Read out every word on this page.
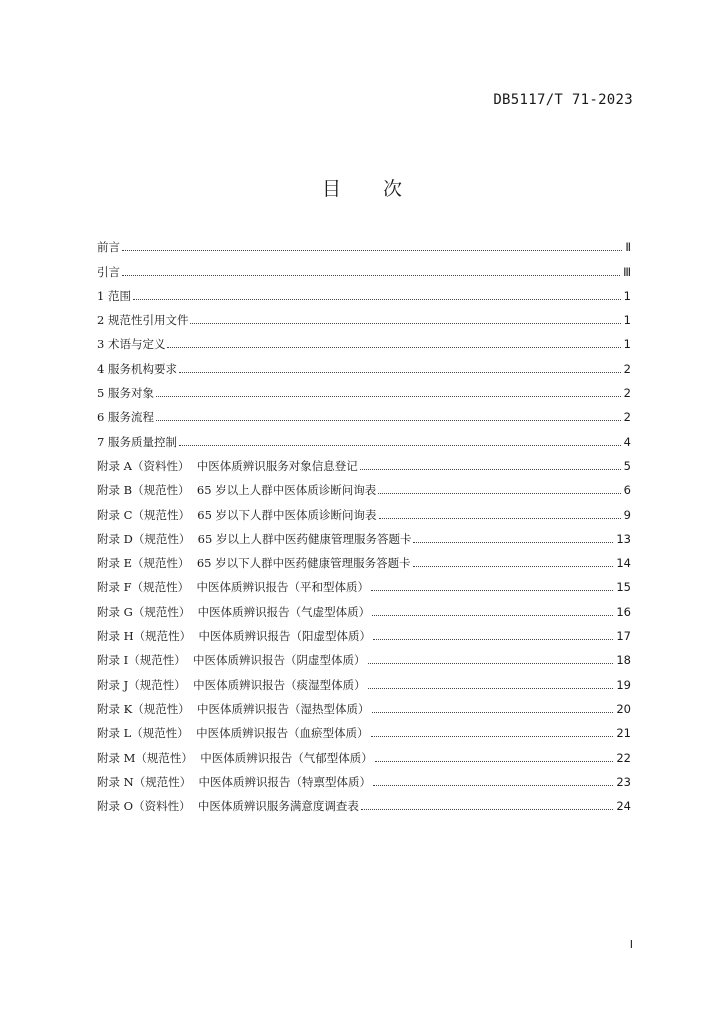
DB5117/T 71-2023
目 次
前言	Ⅱ
引言	Ⅲ
1 范围	1
2 规范性引用文件	1
3 术语与定义	1
4 服务机构要求	2
5 服务对象	2
6 服务流程	2
7 服务质量控制	4
附录 A（资料性）  中医体质辨识服务对象信息登记	5
附录 B（规范性）  65 岁以上人群中医体质诊断问询表	6
附录 C（规范性）  65 岁以下人群中医体质诊断问询表	9
附录 D（规范性）  65 岁以上人群中医药健康管理服务答题卡	13
附录 E（规范性）  65 岁以下人群中医药健康管理服务答题卡	14
附录 F（规范性）  中医体质辨识报告（平和型体质）	15
附录 G（规范性）  中医体质辨识报告（气虚型体质）	16
附录 H（规范性）  中医体质辨识报告（阳虚型体质）	17
附录 I（规范性）  中医体质辨识报告（阴虚型体质）	18
附录 J（规范性）  中医体质辨识报告（痰湿型体质）	19
附录 K（规范性）  中医体质辨识报告（湿热型体质）	20
附录 L（规范性）  中医体质辨识报告（血瘀型体质）	21
附录 M（规范性）  中医体质辨识报告（气郁型体质）	22
附录 N（规范性）  中医体质辨识报告（特禀型体质）	23
附录 O（资料性）  中医体质辨识服务满意度调查表	24
I
